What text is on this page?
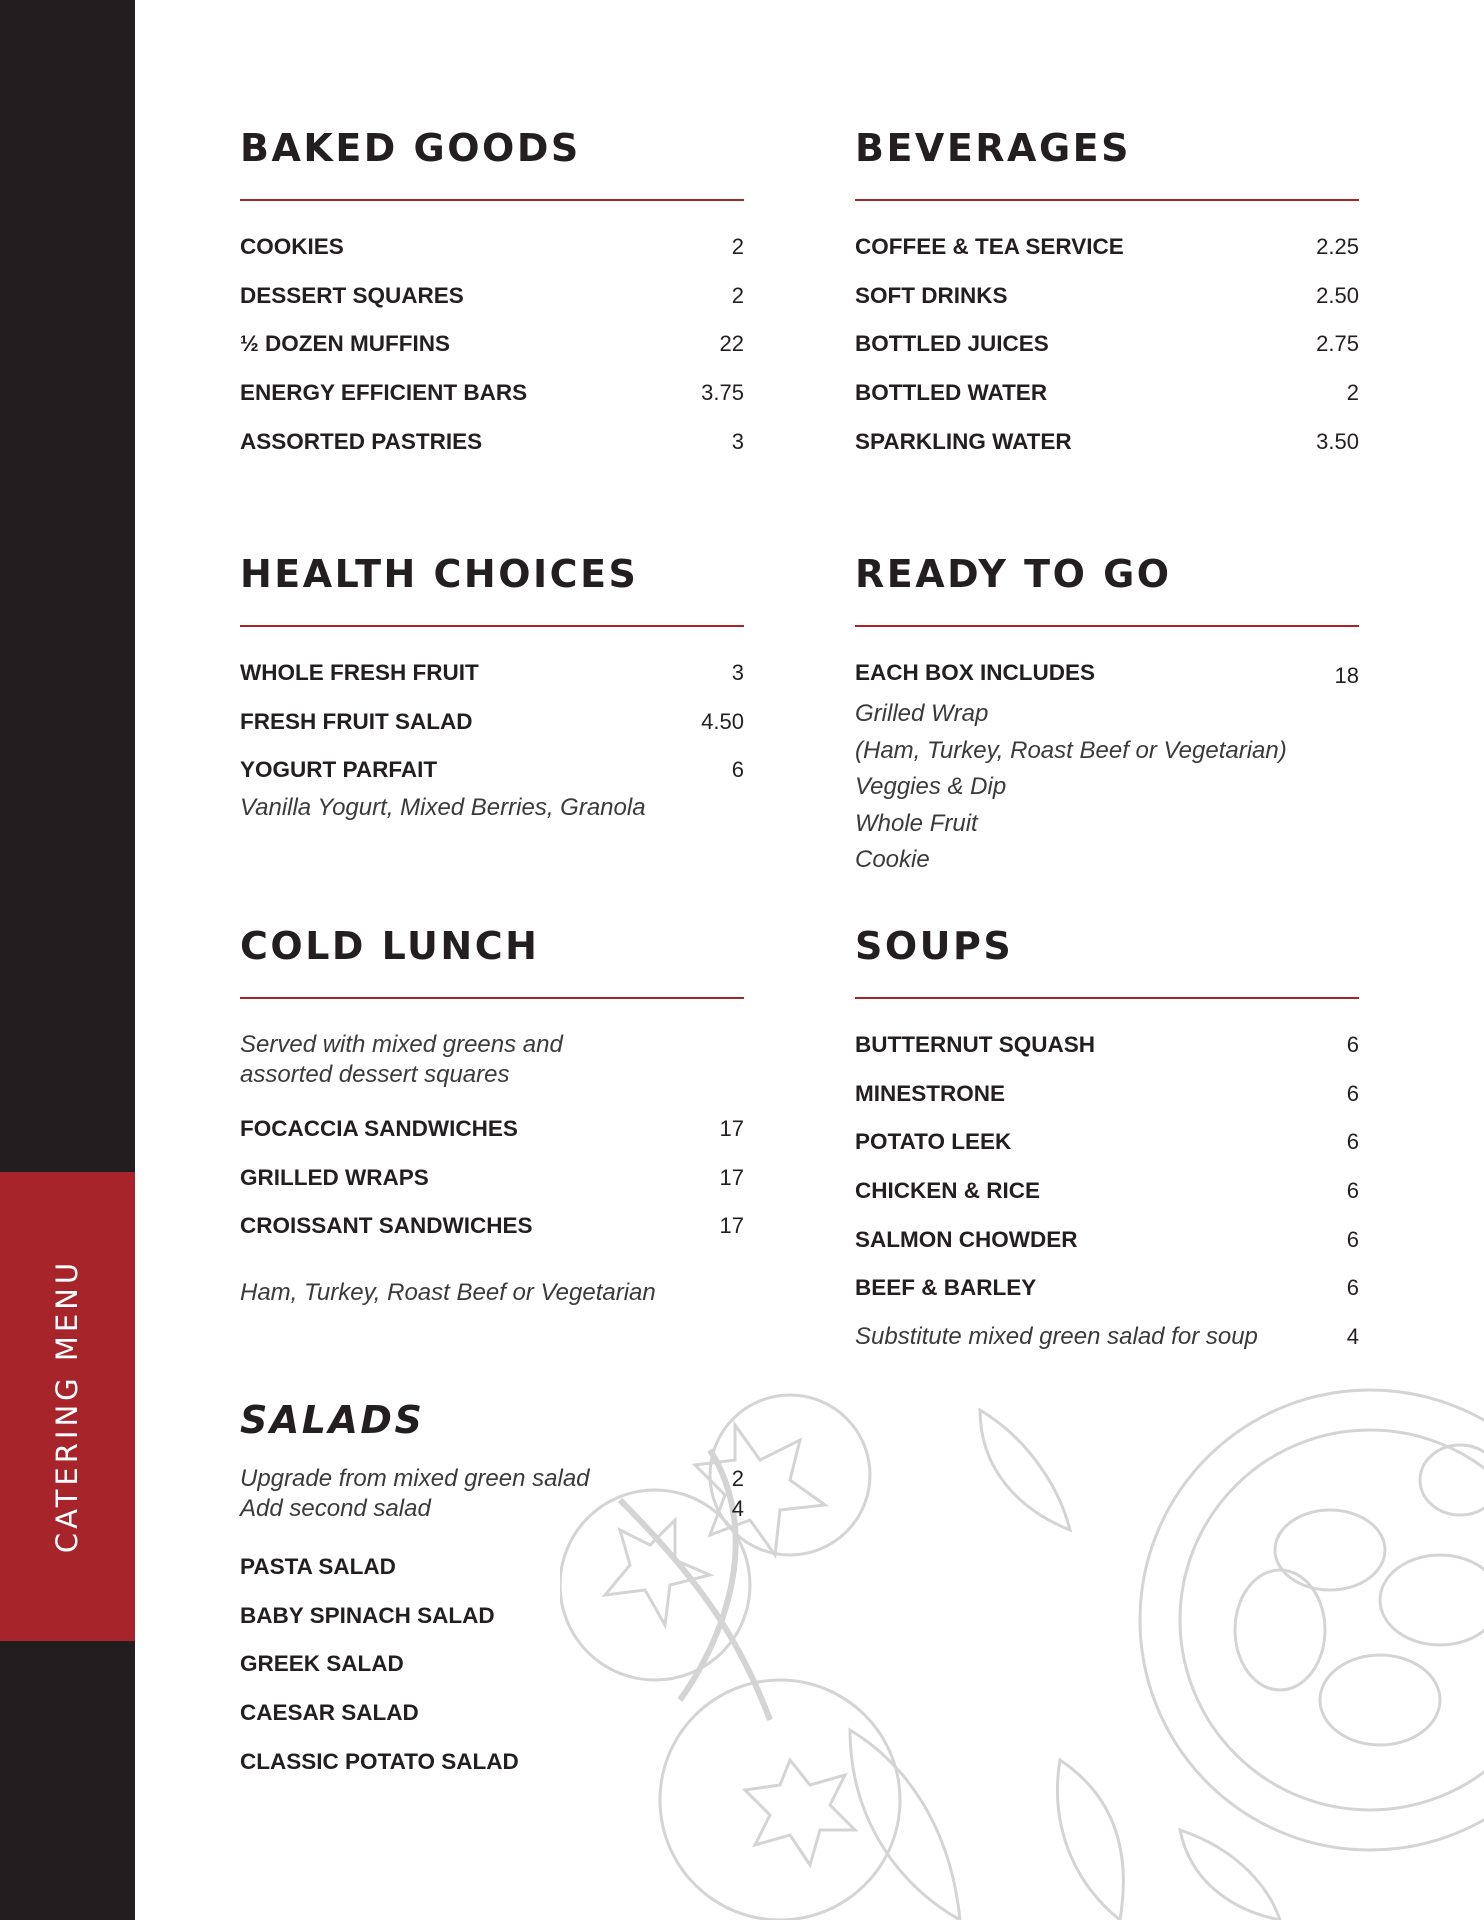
CATERING MENU
BAKED GOODS
COOKIES	2
DESSERT SQUARES	2
½ DOZEN MUFFINS	22
ENERGY EFFICIENT BARS	3.75
ASSORTED PASTRIES	3
BEVERAGES
COFFEE & TEA SERVICE	2.25
SOFT DRINKS	2.50
BOTTLED JUICES	2.75
BOTTLED WATER	2
SPARKLING WATER	3.50
HEALTH CHOICES
WHOLE FRESH FRUIT	3
FRESH FRUIT SALAD	4.50
YOGURT PARFAIT	6
Vanilla Yogurt, Mixed Berries, Granola
READY TO GO
EACH BOX INCLUDES	18
Grilled Wrap
(Ham, Turkey, Roast Beef or Vegetarian)
Veggies & Dip
Whole Fruit
Cookie
COLD LUNCH
Served with mixed greens and
assorted dessert squares
FOCACCIA SANDWICHES	17
GRILLED WRAPS	17
CROISSANT SANDWICHES	17
Ham, Turkey, Roast Beef or Vegetarian
SOUPS
BUTTERNUT SQUASH	6
MINESTRONE	6
POTATO LEEK	6
CHICKEN & RICE	6
SALMON CHOWDER	6
BEEF & BARLEY	6
Substitute mixed green salad for soup	4
SALADS
Upgrade from mixed green salad	2
Add second salad	4
PASTA SALAD
BABY SPINACH SALAD
GREEK SALAD
CAESAR SALAD
CLASSIC POTATO SALAD
